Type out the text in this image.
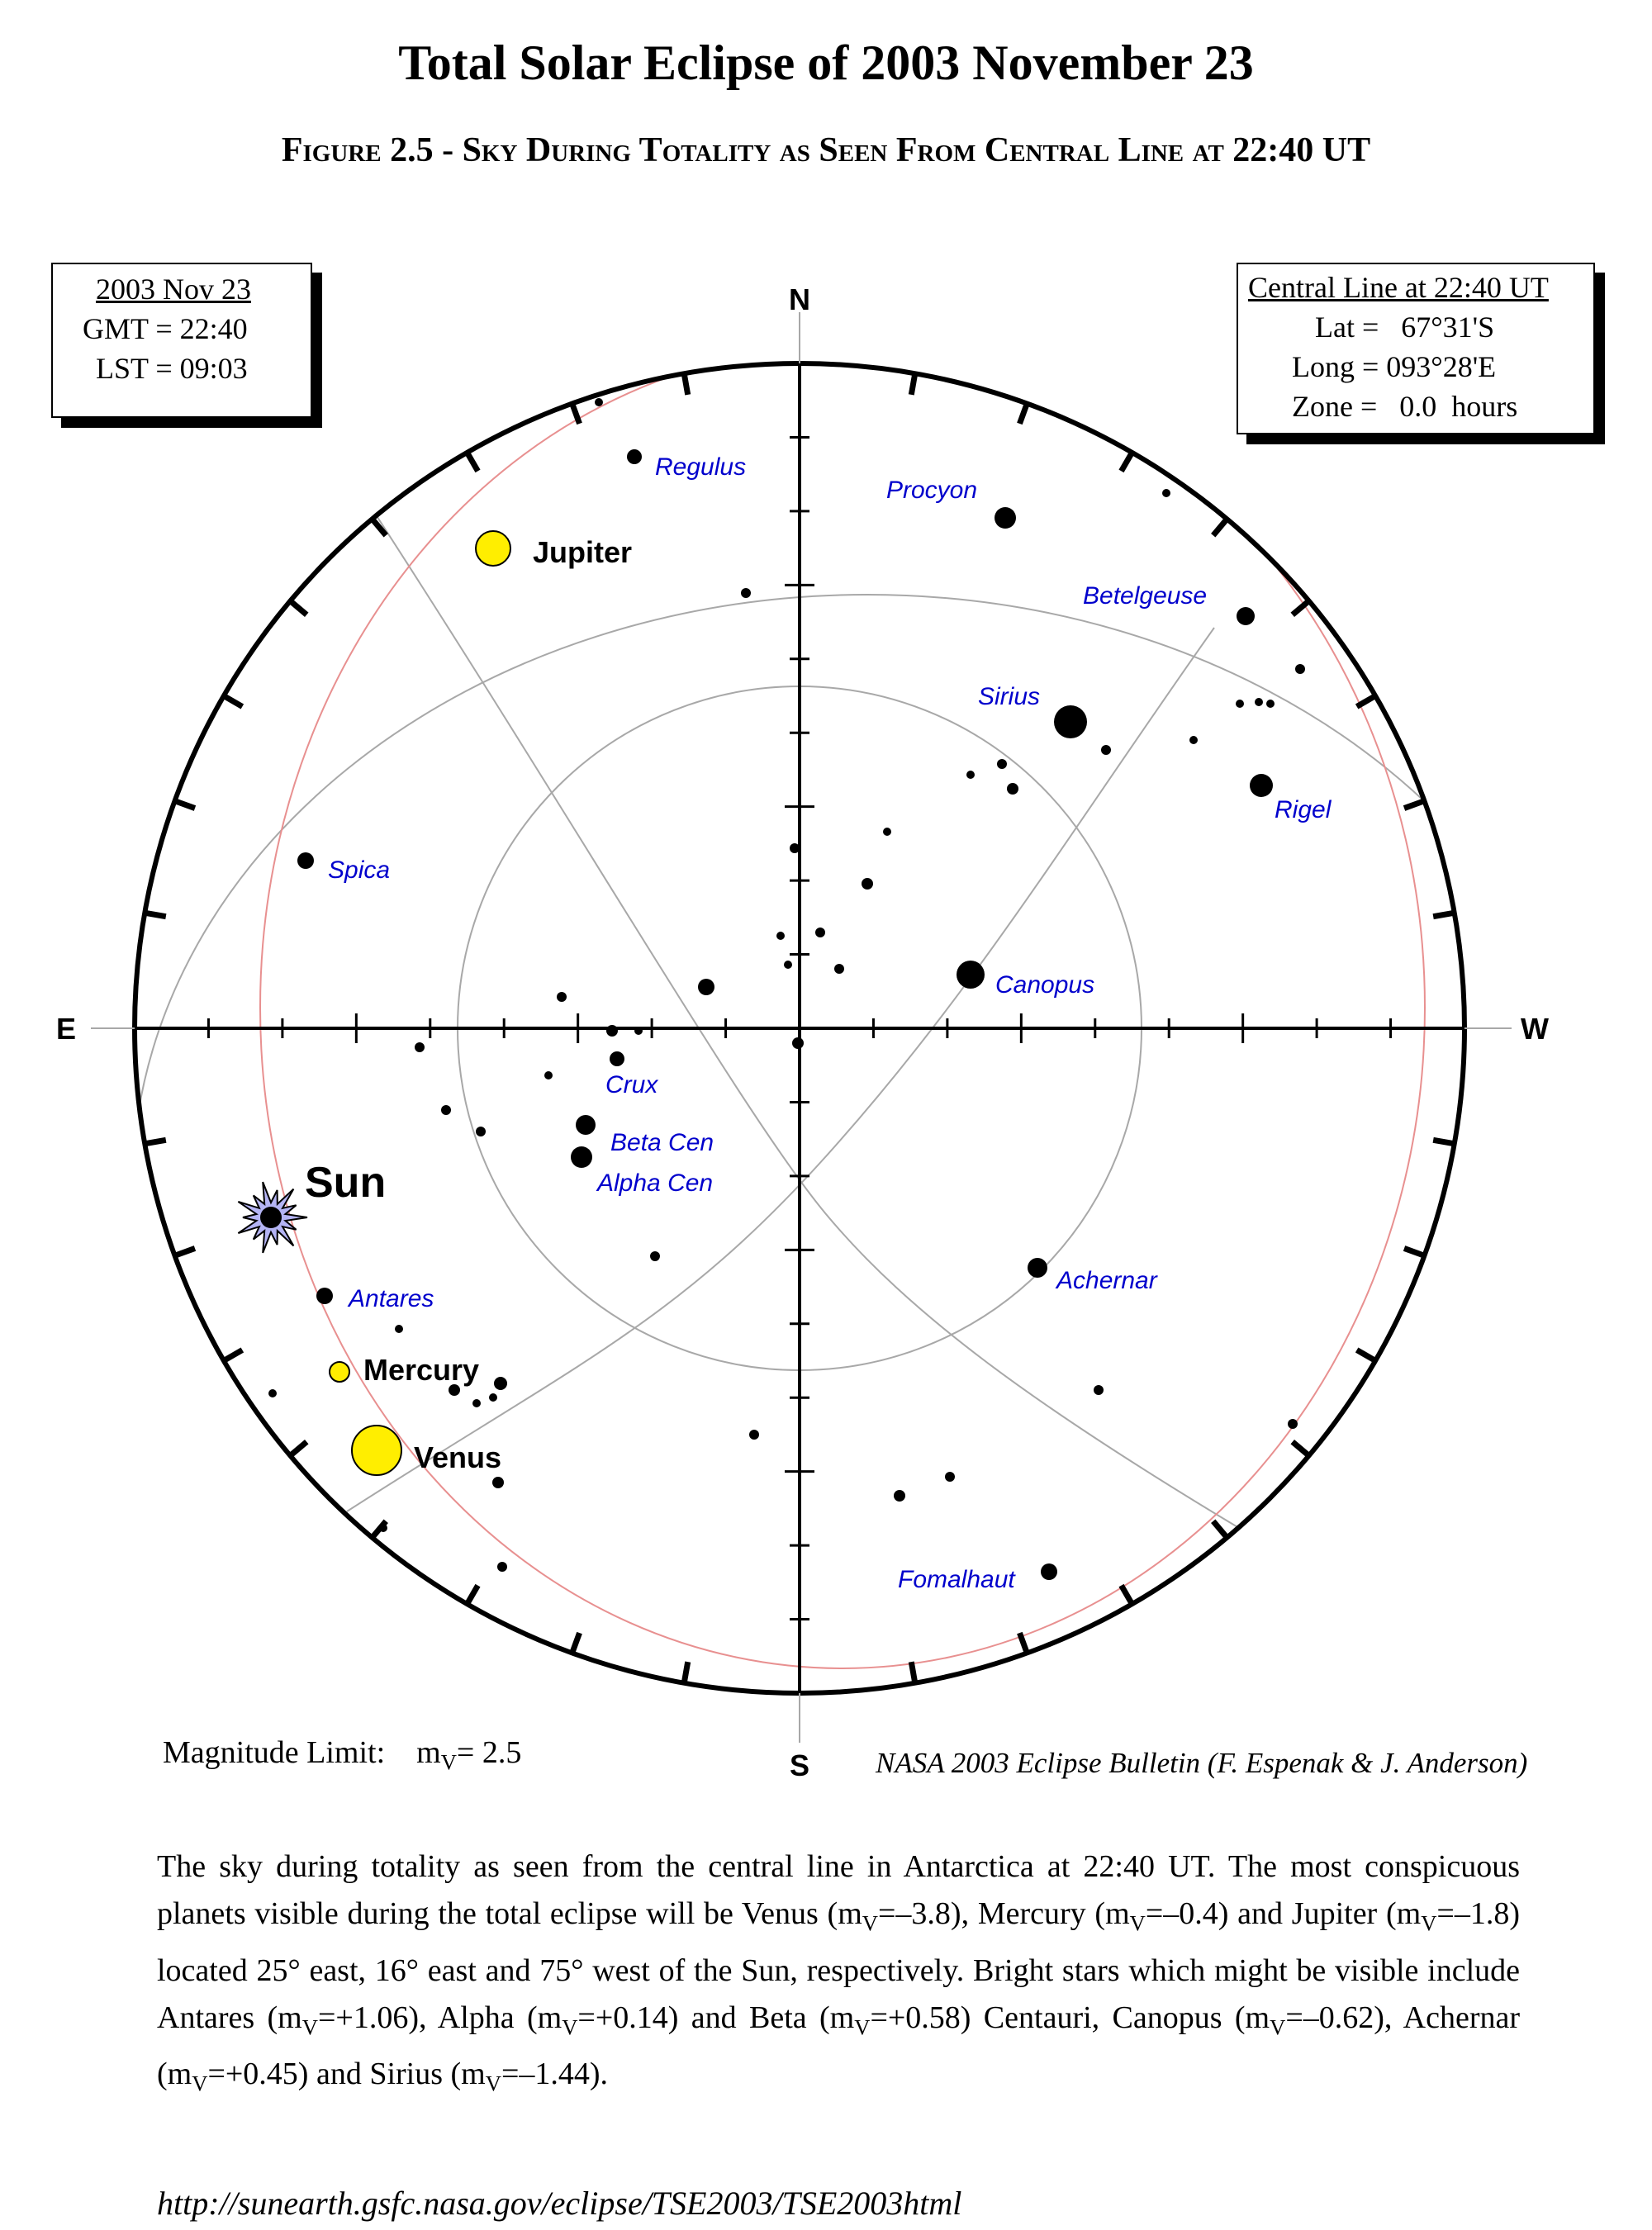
Total Solar Eclipse of 2003 November 23
Figure 2.5 - Sky During Totality as Seen From Central Line at 22:40 UT
2003 Nov 23
GMT = 22:40
LST = 09:03
Central Line at 22:40 UT
Lat =   67°31'S
Long = 093°28'E
Zone =   0.0  hours
N
S
E	W
Regulus
Procyon
Betelgeuse
Sirius
Rigel
Spica
Canopus
Crux
Beta Cen
Alpha Cen
Antares
Achernar
Fomalhaut
Sun
Jupiter
Mercury
Venus
Magnitude Limit: $m_V= 2.5$	NASA 2003 Eclipse Bulletin (F. Espenak & J. Anderson)
The sky during totality as seen from the central line in Antarctica at 22:40 UT. The most conspicuous planets visible during the total eclipse will be Venus $(m_V=-3.8)$, Mercury $(m_V=-0.4)$ and Jupiter $(m_V=-1.8)$ located 25° east, 16° east and 75° west of the Sun, respectively. Bright stars which might be visible include Antares $(m_V=+1.06)$, Alpha $(m_V=+0.14)$ and Beta $(m_V=+0.58)$ Centauri, Canopus $(m_V=-0.62)$, Achernar $(m_V=+0.45)$ and Sirius $(m_V=-1.44)$.
http://sunearth.gsfc.nasa.gov/eclipse/TSE2003/TSE2003html
